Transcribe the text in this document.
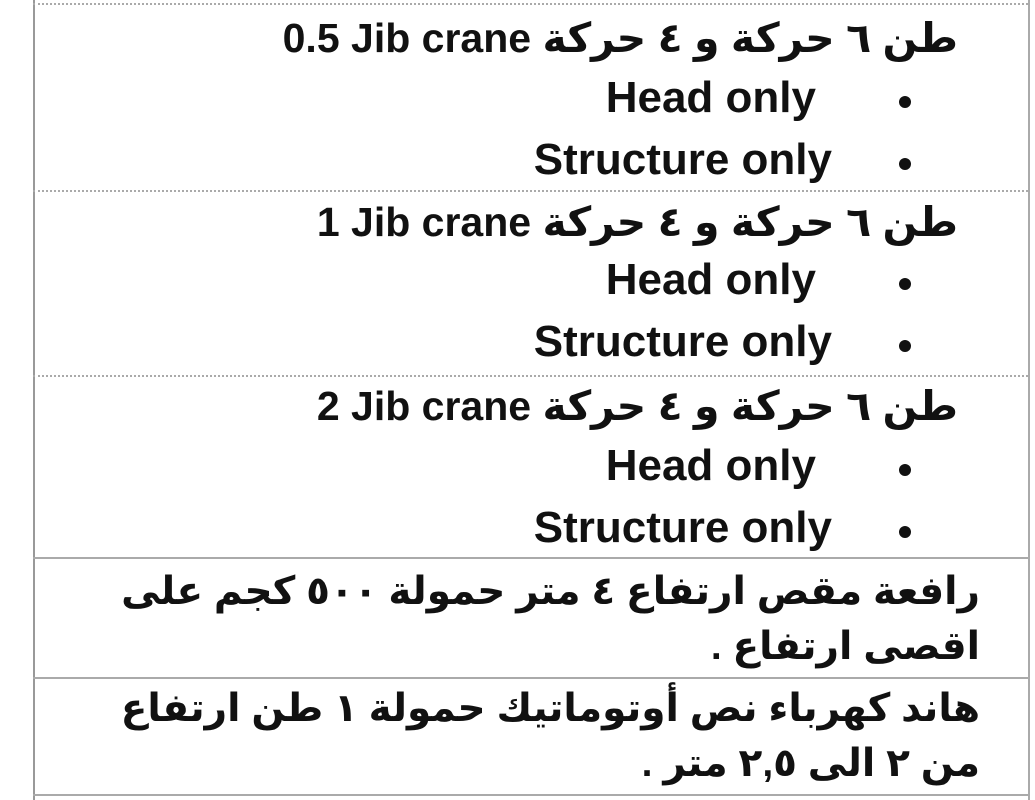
0.5 Jib crane طن ٦ حركة و ٤ حركة
Head only
Structure only
1 Jib crane طن ٦ حركة و ٤ حركة
Head only
Structure only
2 Jib crane طن ٦ حركة و ٤ حركة
Head only
Structure only
رافعة مقص ارتفاع ٤ متر حمولة ٥٠٠ كجم على اقصى ارتفاع .
هاند كهرباء نص أوتوماتيك حمولة ١ طن ارتفاع من ٢ الى ٢,٥ متر .
